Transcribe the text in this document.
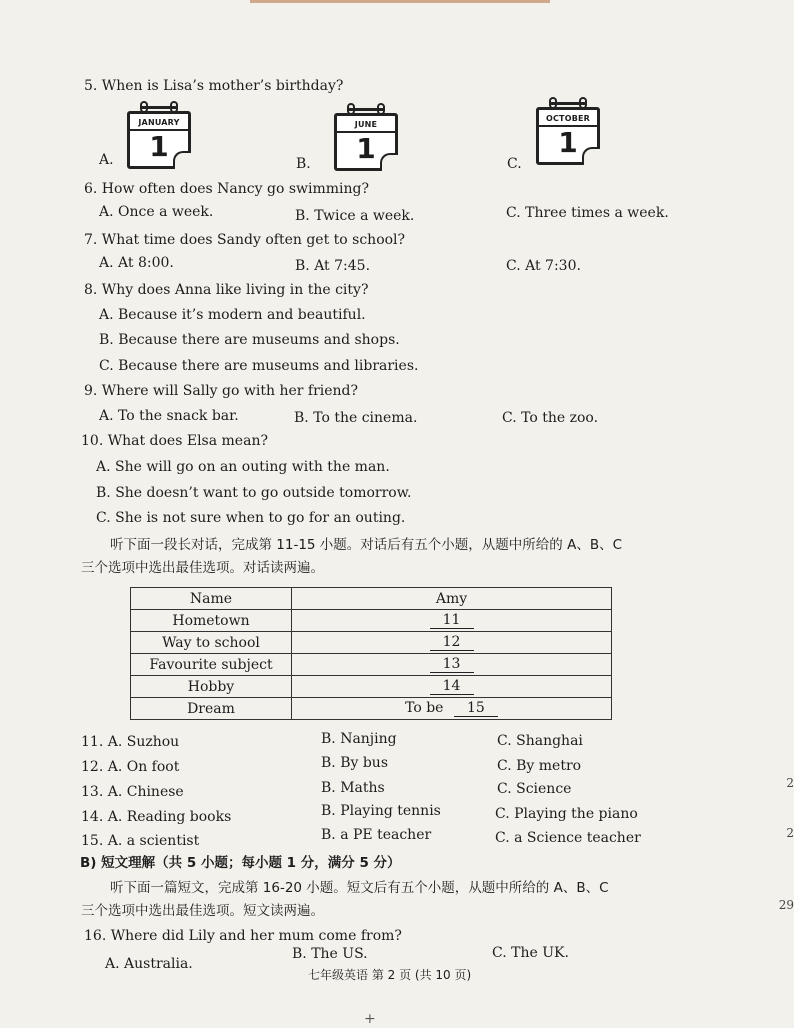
5. When is Lisa’s mother’s birthday?
A.
JANUARY
1
B.
JUNE
1	C.
OCTOBER
1
6. How often does Nancy go swimming?
A. Once a week.	B. Twice a week.	C. Three times a week.
7. What time does Sandy often get to school?
A. At 8:00.	B. At 7:45.	C. At 7:30.
8. Why does Anna like living in the city?
A. Because it’s modern and beautiful.
B. Because there are museums and shops.
C. Because there are museums and libraries.
9. Where will Sally go with her friend?
A. To the snack bar.	B. To the cinema.	C. To the zoo.
10. What does Elsa mean?
A. She will go on an outing with the man.
B. She doesn’t want to go outside tomorrow.
C. She is not sure when to go for an outing.
听下面一段长对话，完成第 11-15 小题。对话后有五个小题，从题中所给的 A、B、C
三个选项中选出最佳选项。对话读两遍。
Name	Amy
Hometown	11
Way to school	12
Favourite subject	13
Hobby	14
Dream	To be 15
11. A. Suzhou	B. Nanjing	C. Shanghai
12. A. On foot	B. By bus	C. By metro
13. A. Chinese	B. Maths	C. Science
14. A. Reading books	B. Playing tennis	C. Playing the piano
15. A. a scientist	B. a PE teacher	C. a Science teacher
B) 短文理解（共 5 小题；每小题 1 分，满分 5 分）
听下面一篇短文，完成第 16-20 小题。短文后有五个小题，从题中所给的 A、B、C
三个选项中选出最佳选项。短文读两遍。
16. Where did Lily and her mum come from?
A. Australia.
B. The US.	C. The UK.
七年级英语 第 2 页 (共 10 页)
+
2
2
29
